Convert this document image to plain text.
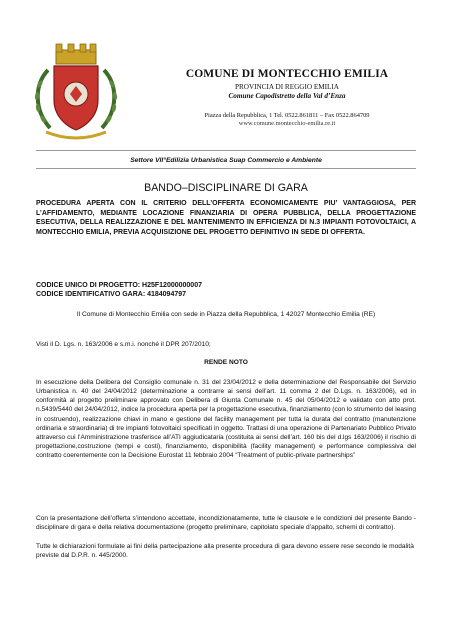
COMUNE DI MONTECCHIO EMILIA
PROVINCIA DI REGGIO EMILIA
Comune Capodistretto della Val d’Enza
Piazza della Repubblica, 1 Tel. 0522.861811 – Fax 0522.864709
www.comune.montecchio-emilia.re.it
Settore VII°Edilizia Urbanistica Suap Commercio e Ambiente
BANDO–DISCIPLINARE DI GARA
PROCEDURA APERTA CON IL CRITERIO DELL’OFFERTA ECONOMICAMENTE PIU’ VANTAGGIOSA, PER L’AFFIDAMENTO, MEDIANTE LOCAZIONE FINANZIARIA DI OPERA PUBBLICA, DELLA PROGETTAZIONE ESECUTIVA, DELLA REALIZZAZIONE E DEL MANTENIMENTO IN EFFICIENZA DI N.3 IMPIANTI FOTOVOLTAICI, A MONTECCHIO EMILIA, PREVIA ACQUISIZIONE DEL PROGETTO DEFINITIVO IN SEDE DI OFFERTA.
CODICE UNICO DI PROGETTO: H25F12000000007
CODICE IDENTIFICATIVO GARA: 4184094797
Il Comune di Montecchio Emilia con sede in Piazza della Repubblica, 1 42027 Montecchio Emilia (RE)
Visti il D. Lgs. n. 163/2006 e s.m.i. nonché il DPR 207/2010;
RENDE NOTO
In esecuzione della Delibera del Consiglio comunale n. 31 del 23/04/2012 e della determinazione del Responsabile del Servizio Urbanistica n. 40 del 24/04/2012 (determinazione a contrarre ai sensi dell’art. 11 comma 2 del D.Lgs. n. 163/2006), ed in conformità al progetto preliminare approvato con Delibera di Giunta Comunale n. 45 del 05/04/2012 e validato con atto prot. n.5439/5440 del 24/04/2012, indice la procedura aperta per la progettazione esecutiva, finanziamento (con lo strumento del leasing in costruendo), realizzazione chiavi in mano e gestione del facility management per tutta la durata del contratto (manutenzione ordinaria e straordinaria) di tre impianti fotovoltaici specificati in oggetto. Trattasi di una operazione di Partenariato Pubblico Privato attraverso cui l’Amministrazione trasferisce all’ATI aggiudicataria (costituita ai sensi dell’art. 160 bis del d.lgs 163/2006) il rischio di progettazione,costruzione (tempi e costi), finanziamento, disponibilità (facility management) e performance complessiva del contratto coerentemente con la Decisione Eurostat 11 febbraio 2004 “Treatment of public-private partnerships”
Con la presentazione dell’offerta s’intendono accettate, incondizionatamente, tutte le clausole e le condizioni del presente Bando - disciplinare di gara e della relativa documentazione (progetto preliminare, capitolato speciale d’appalto, schemi di contratto).
Tutte le dichiarazioni formulate ai fini della partecipazione alla presente procedura di gara devono essere rese secondo le modalità previste dal D.P.R. n. 445/2000.
